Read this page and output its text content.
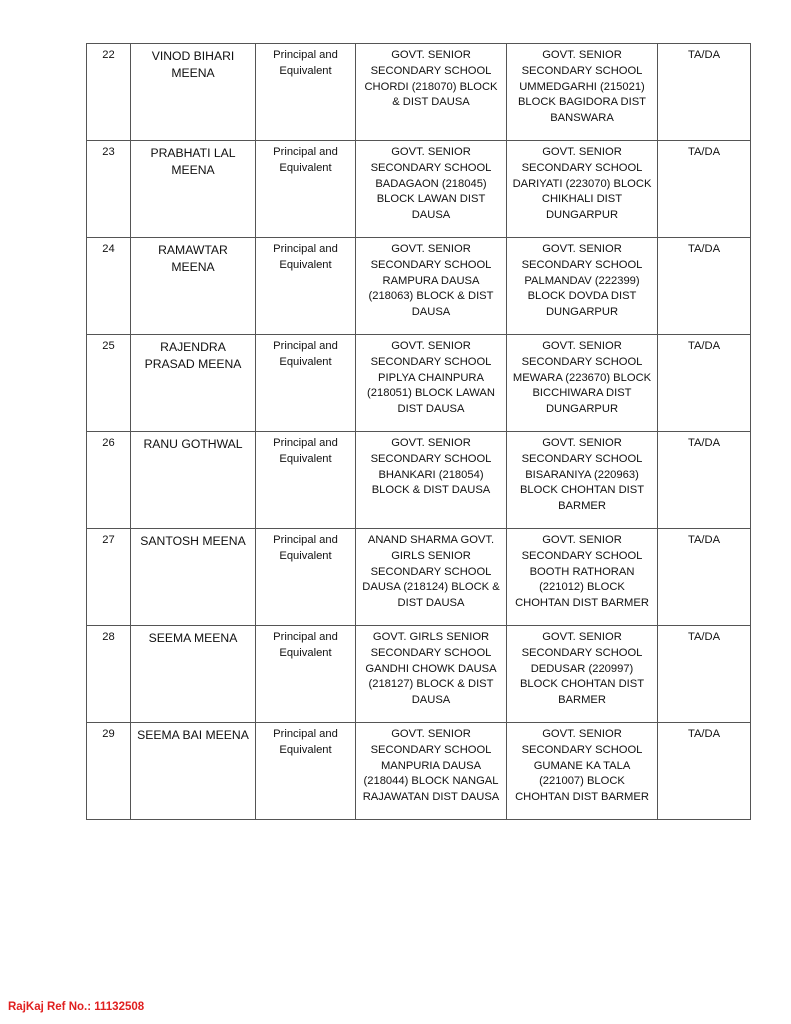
22	VINOD BIHARI MEENA	Principal and Equivalent	GOVT. SENIOR SECONDARY SCHOOL CHORDI (218070) BLOCK & DIST DAUSA	GOVT. SENIOR SECONDARY SCHOOL UMMEDGARHI (215021) BLOCK BAGIDORA DIST BANSWARA	TA/DA
23	PRABHATI LAL MEENA	Principal and Equivalent	GOVT. SENIOR SECONDARY SCHOOL BADAGAON (218045) BLOCK LAWAN DIST DAUSA	GOVT. SENIOR SECONDARY SCHOOL DARIYATI (223070) BLOCK CHIKHALI DIST DUNGARPUR	TA/DA
24	RAMAWTAR MEENA	Principal and Equivalent	GOVT. SENIOR SECONDARY SCHOOL RAMPURA DAUSA (218063) BLOCK & DIST DAUSA	GOVT. SENIOR SECONDARY SCHOOL PALMANDAV (222399) BLOCK DOVDA DIST DUNGARPUR	TA/DA
25	RAJENDRA PRASAD MEENA	Principal and Equivalent	GOVT. SENIOR SECONDARY SCHOOL PIPLYA CHAINPURA (218051) BLOCK LAWAN DIST DAUSA	GOVT. SENIOR SECONDARY SCHOOL MEWARA (223670) BLOCK BICCHIWARA DIST DUNGARPUR	TA/DA
26	RANU GOTHWAL	Principal and Equivalent	GOVT. SENIOR SECONDARY SCHOOL BHANKARI (218054) BLOCK & DIST DAUSA	GOVT. SENIOR SECONDARY SCHOOL BISARANIYA (220963) BLOCK CHOHTAN DIST BARMER	TA/DA
27	SANTOSH MEENA	Principal and Equivalent	ANAND SHARMA GOVT. GIRLS SENIOR SECONDARY SCHOOL DAUSA (218124) BLOCK & DIST DAUSA	GOVT. SENIOR SECONDARY SCHOOL BOOTH RATHORAN (221012) BLOCK CHOHTAN DIST BARMER	TA/DA
28	SEEMA MEENA	Principal and Equivalent	GOVT. GIRLS SENIOR SECONDARY SCHOOL GANDHI CHOWK DAUSA (218127) BLOCK & DIST DAUSA	GOVT. SENIOR SECONDARY SCHOOL DEDUSAR (220997) BLOCK CHOHTAN DIST BARMER	TA/DA
29	SEEMA BAI MEENA	Principal and Equivalent	GOVT. SENIOR SECONDARY SCHOOL MANPURIA DAUSA (218044) BLOCK NANGAL RAJAWATAN DIST DAUSA	GOVT. SENIOR SECONDARY SCHOOL GUMANE KA TALA (221007) BLOCK CHOHTAN DIST BARMER	TA/DA
RajKaj Ref No.: 11132508
